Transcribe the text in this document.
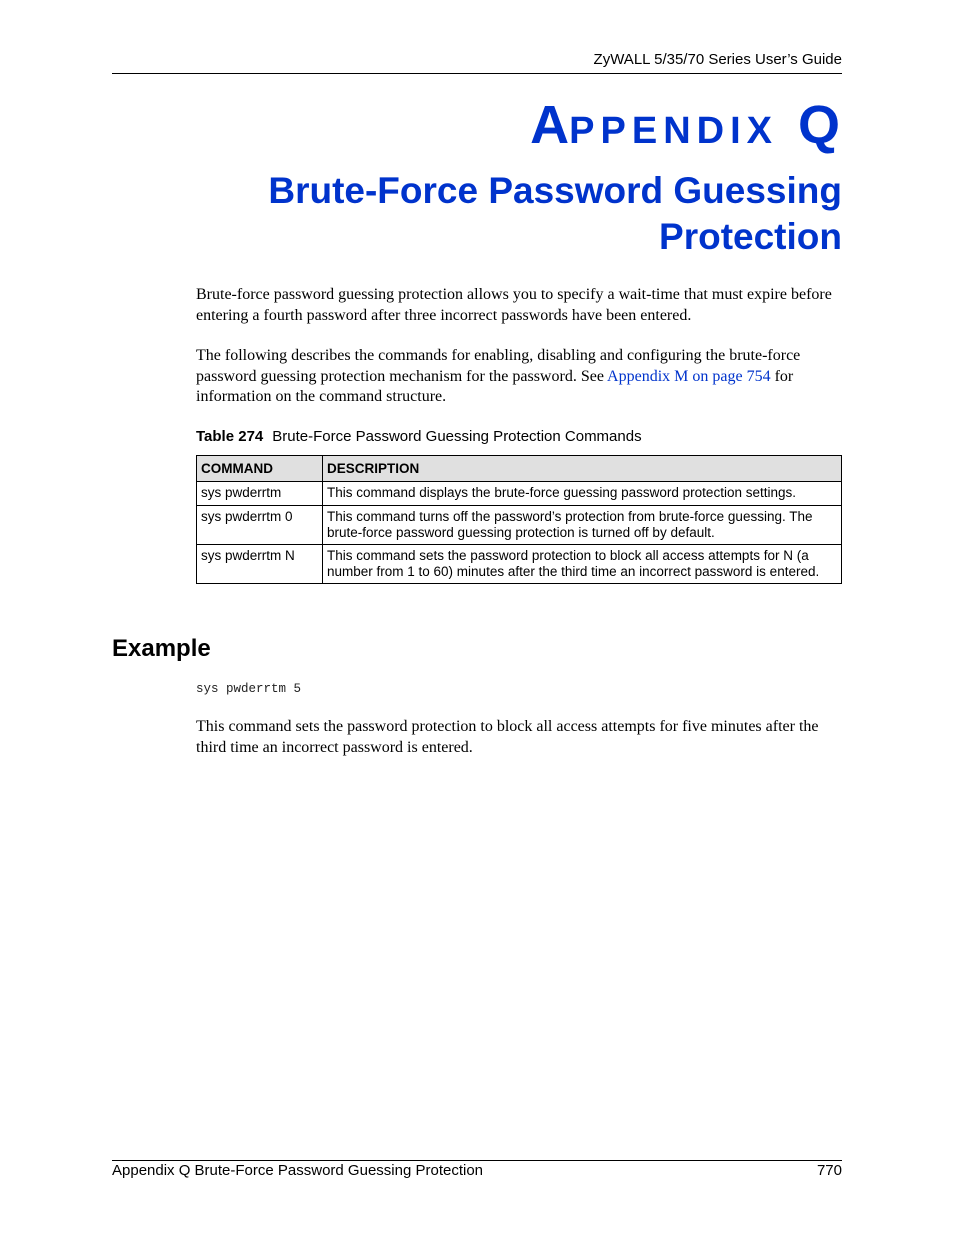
ZyWALL 5/35/70 Series User’s Guide
APPENDIX Q
Brute-Force Password Guessing Protection
Brute-force password guessing protection allows you to specify a wait-time that must expire before entering a fourth password after three incorrect passwords have been entered.
The following describes the commands for enabling, disabling and configuring the brute-force password guessing protection mechanism for the password. See Appendix M on page 754 for information on the command structure.
Table 274 Brute-Force Password Guessing Protection Commands
COMMAND	DESCRIPTION
sys pwderrtm	This command displays the brute-force guessing password protection settings.
sys pwderrtm 0	This command turns off the password’s protection from brute-force guessing. The brute-force password guessing protection is turned off by default.
sys pwderrtm N	This command sets the password protection to block all access attempts for N (a number from 1 to 60) minutes after the third time an incorrect password is entered.
Example
sys pwderrtm 5
This command sets the password protection to block all access attempts for five minutes after the third time an incorrect password is entered.
Appendix Q Brute-Force Password Guessing Protection	770
